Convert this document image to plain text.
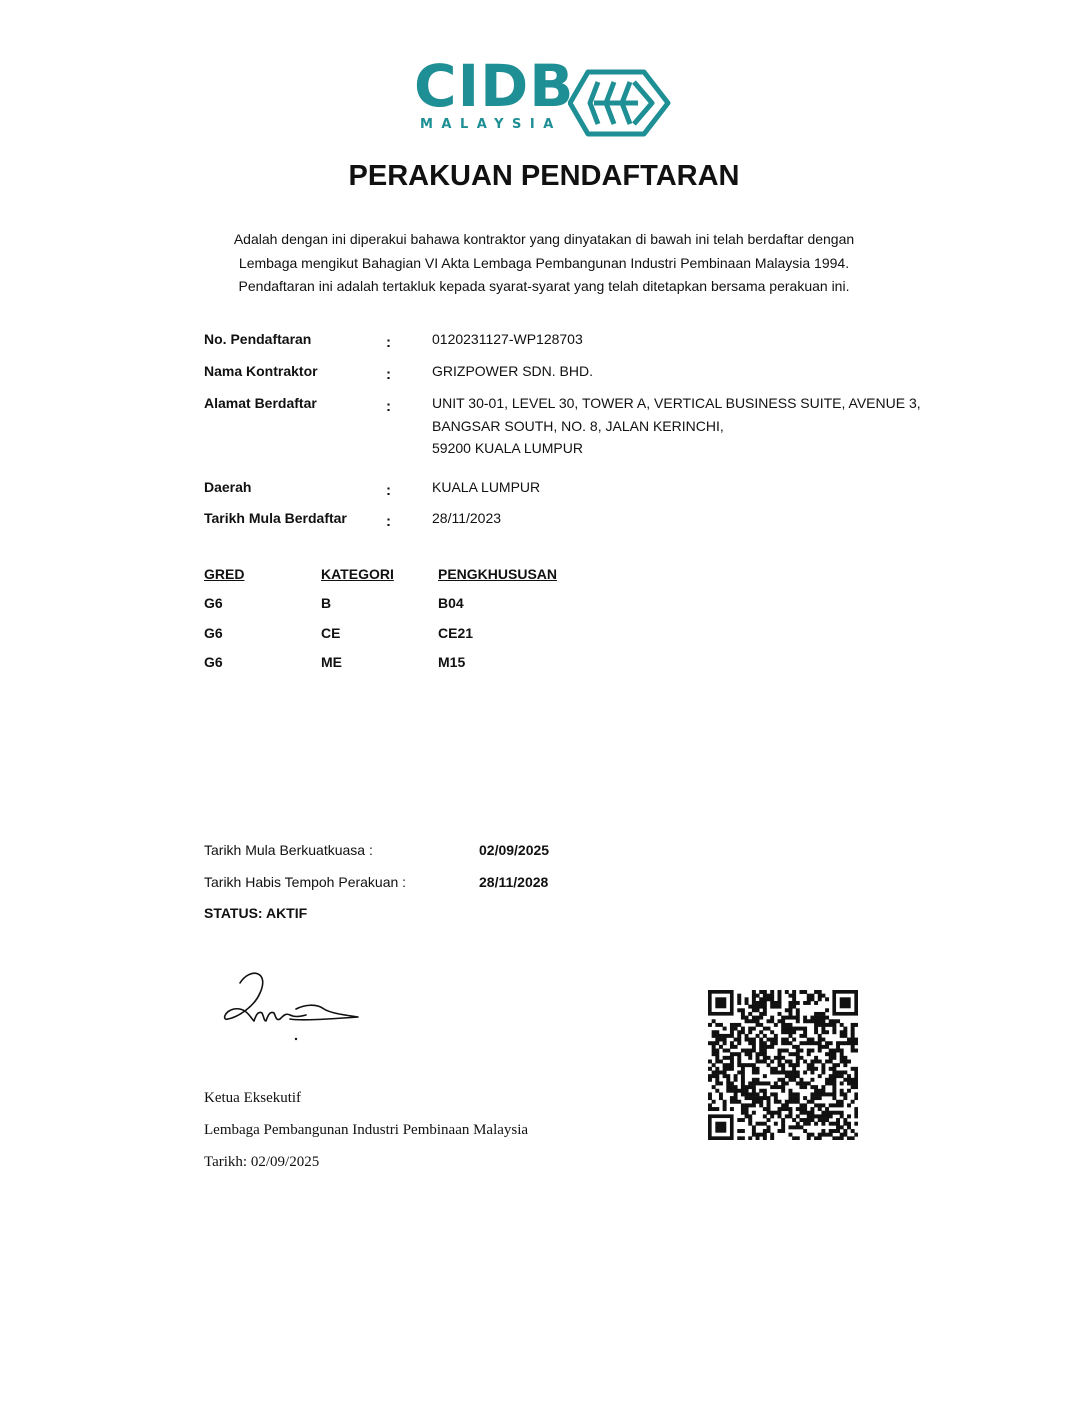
CIDB
MALAYSIA
PERAKUAN PENDAFTARAN
Adalah dengan ini diperakui bahawa kontraktor yang dinyatakan di bawah ini telah berdaftar dengan
Lembaga mengikut Bahagian VI Akta Lembaga Pembangunan Industri Pembinaan Malaysia 1994.
Pendaftaran ini adalah tertakluk kepada syarat-syarat yang telah ditetapkan bersama perakuan ini.
No. Pendaftaran	:	0120231127-WP128703
Nama Kontraktor	:	GRIZPOWER SDN. BHD.
Alamat Berdaftar	:	UNIT 30-01, LEVEL 30, TOWER A, VERTICAL BUSINESS SUITE, AVENUE 3,
BANGSAR SOUTH, NO. 8, JALAN KERINCHI,
59200 KUALA LUMPUR
Daerah	:	KUALA LUMPUR
Tarikh Mula Berdaftar	:	28/11/2023
GRED	KATEGORI	PENGKHUSUSAN
G6	B	B04
G6	CE	CE21
G6	ME	M15
Tarikh Mula Berkuatkuasa :	02/09/2025
Tarikh Habis Tempoh Perakuan :	28/11/2028
STATUS: AKTIF
Ketua Eksekutif
Lembaga Pembangunan Industri Pembinaan Malaysia
Tarikh: 02/09/2025
